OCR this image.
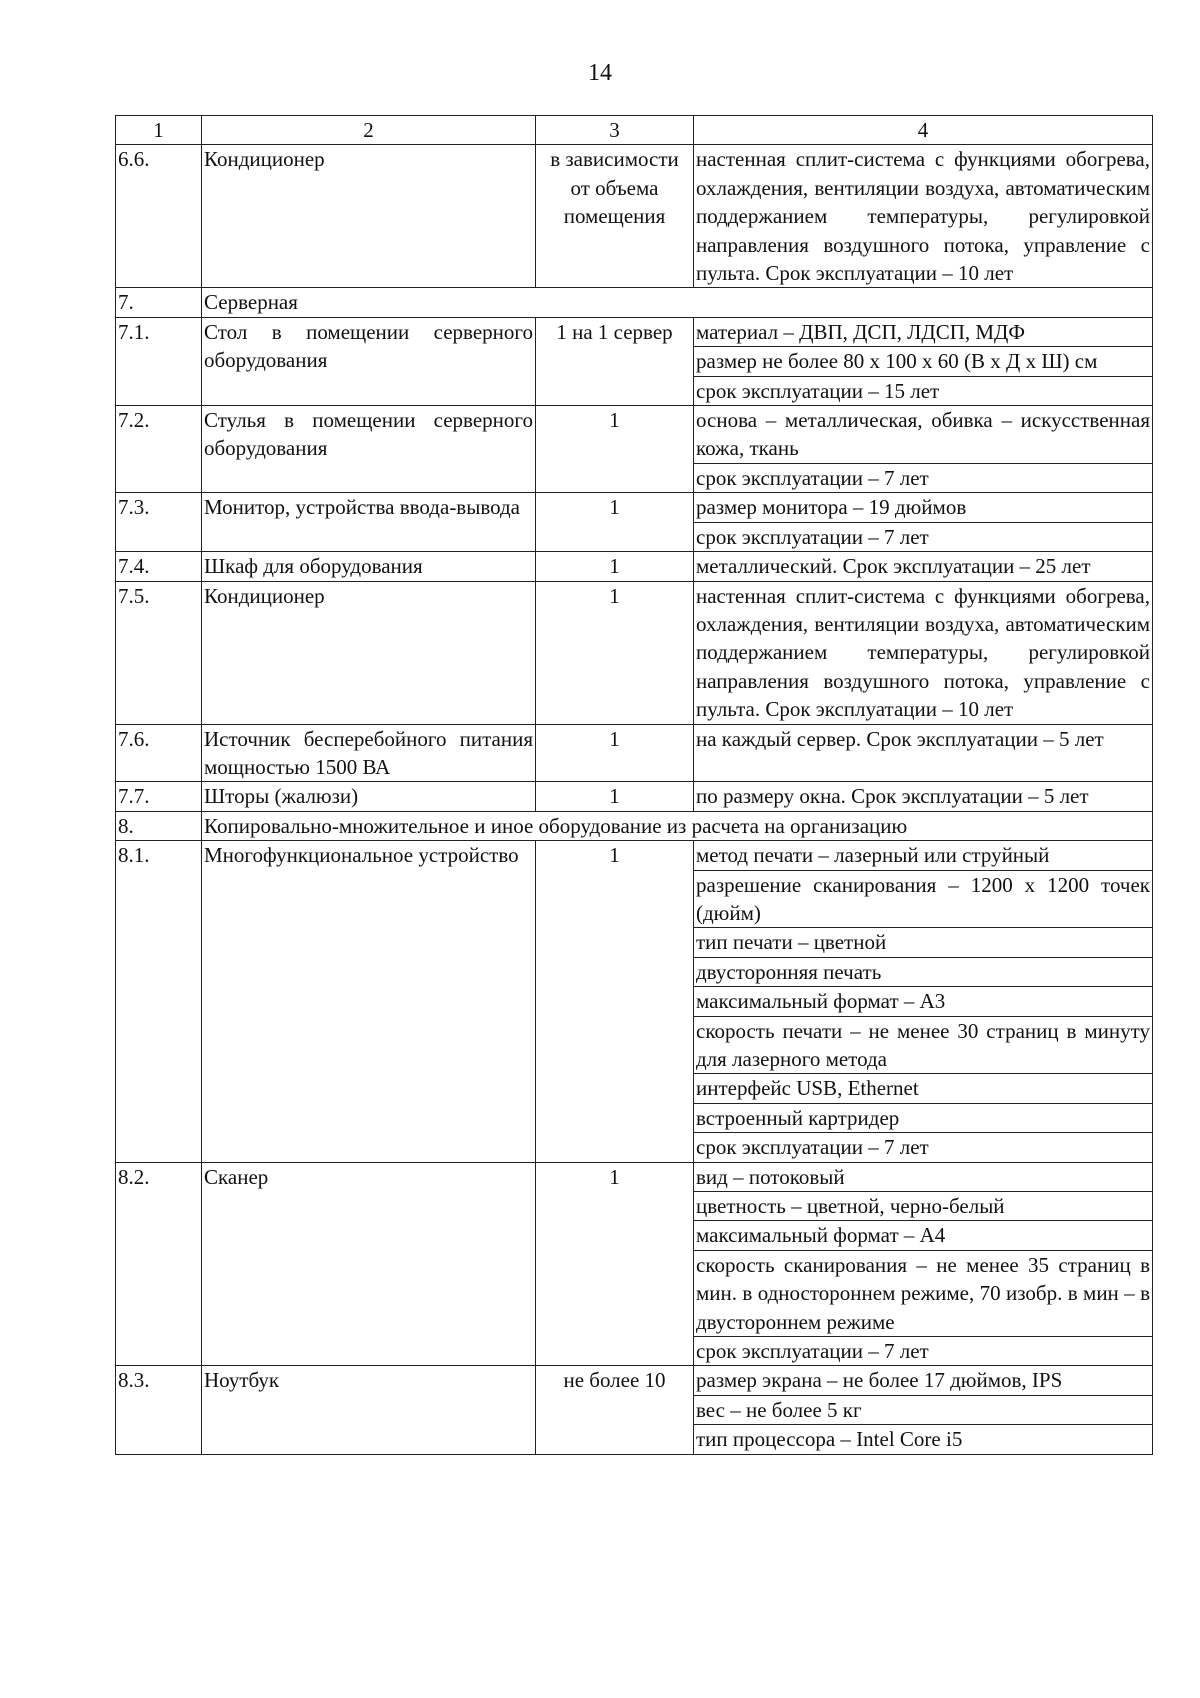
14
1	2	3	4
6.6.	Кондиционер	в зависимости от объема помещения	настенная сплит-система с функциями обогрева, охлаждения, вентиляции воздуха, автоматическим поддержанием температуры, регулировкой направления воздушного потока, управление с пульта. Срок эксплуатации – 10 лет
7.	Серверная		
7.1.	Стол в помещении серверного оборудования	1 на 1 сервер	материал – ДВП, ДСП, ЛДСП, МДФ
			размер не более 80 х 100 х 60 (В х Д х Ш) см
			срок эксплуатации – 15 лет
7.2.	Стулья в помещении серверного оборудования	1	основа – металлическая, обивка – искусственная кожа, ткань
			срок эксплуатации – 7 лет
7.3.	Монитор, устройства ввода-вывода	1	размер монитора – 19 дюймов
			срок эксплуатации – 7 лет
7.4.	Шкаф для оборудования	1	металлический. Срок эксплуатации – 25 лет
7.5.	Кондиционер	1	настенная сплит-система с функциями обогрева, охлаждения, вентиляции воздуха, автоматическим поддержанием температуры, регулировкой направления воздушного потока, управление с пульта. Срок эксплуатации – 10 лет
7.6.	Источник бесперебойного питания мощностью 1500 ВА	1	на каждый сервер. Срок эксплуатации – 5 лет
7.7.	Шторы (жалюзи)	1	по размеру окна. Срок эксплуатации – 5 лет
8.	Копировально-множительное и иное оборудование из расчета на организацию		
8.1.	Многофункциональное устройство	1	метод печати – лазерный или струйный
			разрешение сканирования – 1200 х 1200 точек (дюйм)
			тип печати – цветной
			двусторонняя печать
			максимальный формат – А3
			скорость печати – не менее 30 страниц в минуту для лазерного метода
			интерфейс USB, Ethernet
			встроенный картридер
			срок эксплуатации – 7 лет
8.2.	Сканер	1	вид – потоковый
			цветность – цветной, черно-белый
			максимальный формат – А4
			скорость сканирования – не менее 35 страниц в мин. в одностороннем режиме, 70 изобр. в мин – в двустороннем режиме
			срок эксплуатации – 7 лет
8.3.	Ноутбук	не более 10	размер экрана – не более 17 дюймов, IPS
			вес – не более 5 кг
			тип процессора – Intel Core i5
